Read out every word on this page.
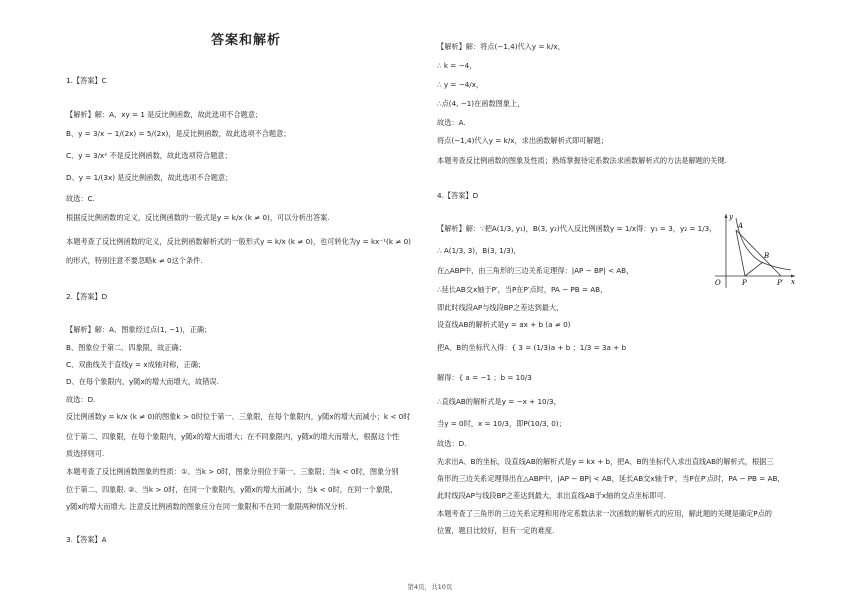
答案和解析
1.【答案】C
【解析】解：A、xy = 1 是反比例函数，故此选项不合题意；
B、y = 3/x − 1/(2x) = 5/(2x)，是反比例函数，故此选项不合题意；
C、y = 3/x² 不是反比例函数，故此选项符合题意；
D、y = 1/(3x) 是反比例函数，故此选项不合题意；
故选：C.
根据反比例函数的定义，反比例函数的一般式是y = k/x (k ≠ 0)，可以分析出答案.
本题考查了反比例函数的定义，反比例函数解析式的一般形式y = k/x (k ≠ 0)，也可转化为y = kx⁻¹(k ≠ 0)
的形式，特别注意不要忽略k ≠ 0这个条件.
2.【答案】D
【解析】解：A、图象经过点(1, −1)，正确；
B、图象位于第二、四象限，故正确；
C、双曲线关于直线y = x成轴对称，正确；
D、在每个象限内，y随x的增大而增大，故错误.
故选：D.
反比例函数y = k/x (k ≠ 0)的图象k > 0时位于第一、三象限，在每个象限内，y随x的增大而减小；k < 0时
位于第二、四象限，在每个象限内，y随x的增大而增大；在不同象限内，y随x的增大而增大，根据这个性
质选择则可.
本题考查了反比例函数图象的性质：①、当k > 0时，图象分别位于第一、三象限；当k < 0时，图象分别
位于第二、四象限. ②、当k > 0时，在同一个象限内，y随x的增大而减小；当k < 0时，在同一个象限，
y随x的增大而增大. 注意反比例函数的图象应分在同一象限和不在同一象限两种情况分析.
3.【答案】A
【解析】解：将点(−1,4)代入y = k/x，
∴ k = −4，
∴ y = −4/x，
∴点(4, −1)在函数图象上，
故选：A.
将点(−1,4)代入y = k/x，求出函数解析式即可解题；
本题考查反比例函数的图象及性质；熟练掌握待定系数法求函数解析式的方法是解题的关键.
4.【答案】D
【解析】解：∵把A(1/3, y₁)，B(3, y₂)代入反比例函数y = 1/x得：y₁ = 3，y₂ = 1/3，
∴ A(1/3, 3)，B(3, 1/3)，
在△ABP中，由三角形的三边关系定理得：|AP − BP| < AB，
∴延长AB交x轴于P′，当P在P′点时，PA − PB = AB，
即此时线段AP与线段BP之差达到最大，
设直线AB的解析式是y = ax + b (a ≠ 0)
把A、B的坐标代入得：{ 3 = (1/3)a + b ；1/3 = 3a + b
解得：{ a = −1 ；b = 10/3
∴直线AB的解析式是y = −x + 10/3，
当y = 0时，x = 10/3，即P(10/3, 0)；
故选：D.
先求出A、B的坐标，设直线AB的解析式是y = kx + b，把A、B的坐标代入求出直线AB的解析式，根据三
角形的三边关系定理得出在△ABP中，|AP − BP| < AB，延长AB交x轴于P′，当P在P′点时，PA − PB = AB，
此时线段AP与线段BP之差达到最大，求出直线AB于x轴的交点坐标即可.
本题考查了三角形的三边关系定理和用待定系数法求一次函数的解析式的应用，解此题的关键是确定P点的
位置，题目比较好，但有一定的难度.
y
A
B
O	P	P′ x
第4页，共10页
